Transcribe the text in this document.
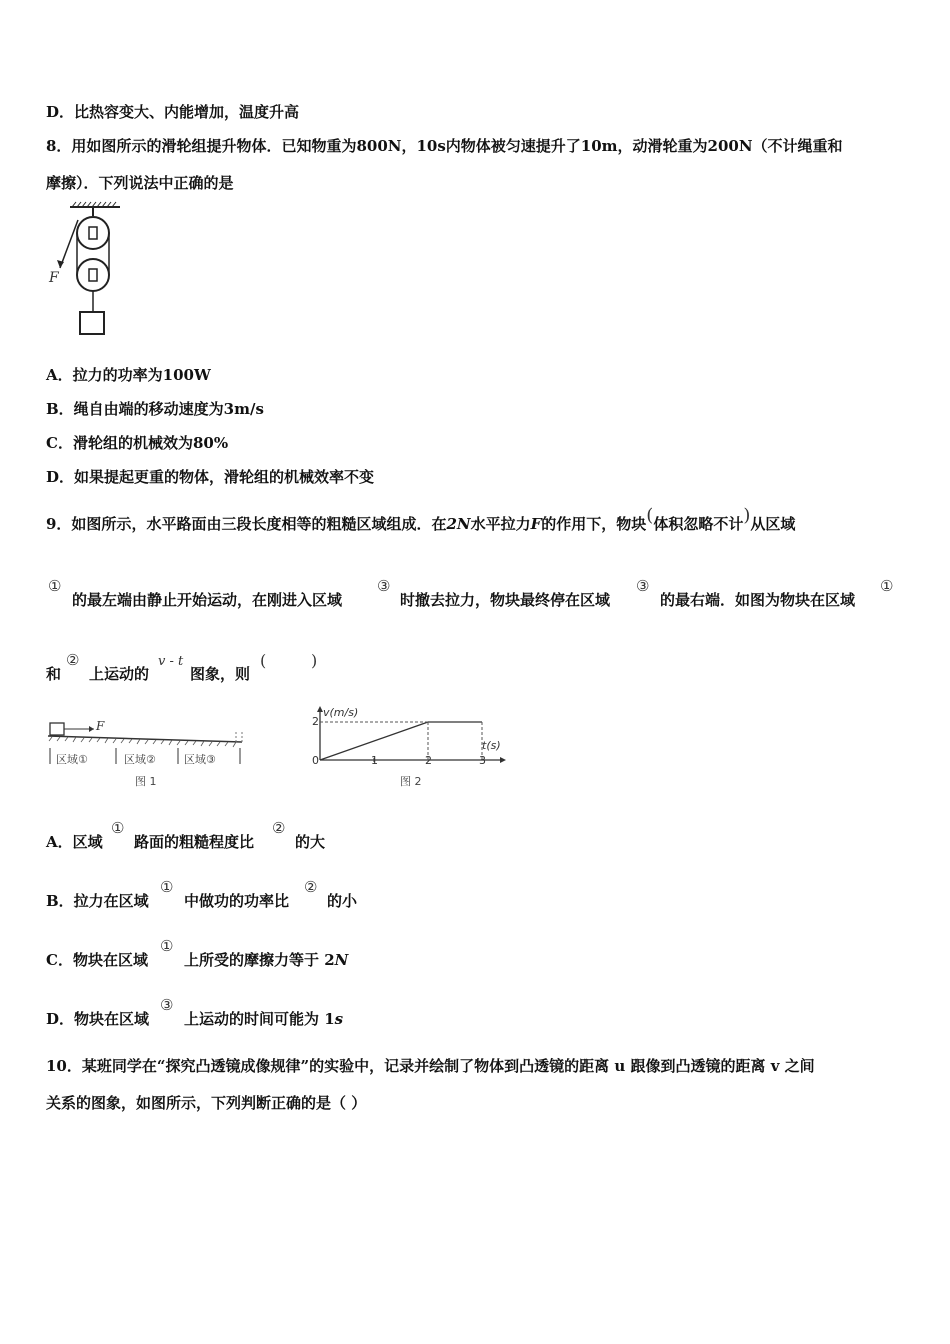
D．比热容变大、内能增加，温度升高
8．用如图所示的滑轮组提升物体．已知物重为800N，10s内物体被匀速提升了10m，动滑轮重为200N（不计绳重和
摩擦）．下列说法中正确的是
F
A．拉力的功率为100W
B．绳自由端的移动速度为3m/s
C．滑轮组的机械效为80%
D．如果提起更重的物体，滑轮组的机械效率不变
9．如图所示，水平路面由三段长度相等的粗糙区域组成．在2N水平拉力F的作用下，物块(体积忽略不计)从区域
①
的最左端由静止开始运动，在刚进入区域
③
时撤去拉力，物块最终停在区域
③
的最右端．如图为物块在区域
①
和
②
上运动的
v - t
图象，则
(	)
F
区域①	区域②	区域③
图 1
v(m/s)
t(s)
2
0	1	2	3
图 2
A．区域
①
路面的粗糙程度比
②
的大
B．拉力在区域
①
中做功的功率比
②
的小
C．物块在区域
①
上所受的摩擦力等于 2N
D．物块在区域
③
上运动的时间可能为 1s
10．某班同学在“探究凸透镜成像规律”的实验中，记录并绘制了物体到凸透镜的距离 u 跟像到凸透镜的距离 v 之间
关系的图象，如图所示，下列判断正确的是（ ）
